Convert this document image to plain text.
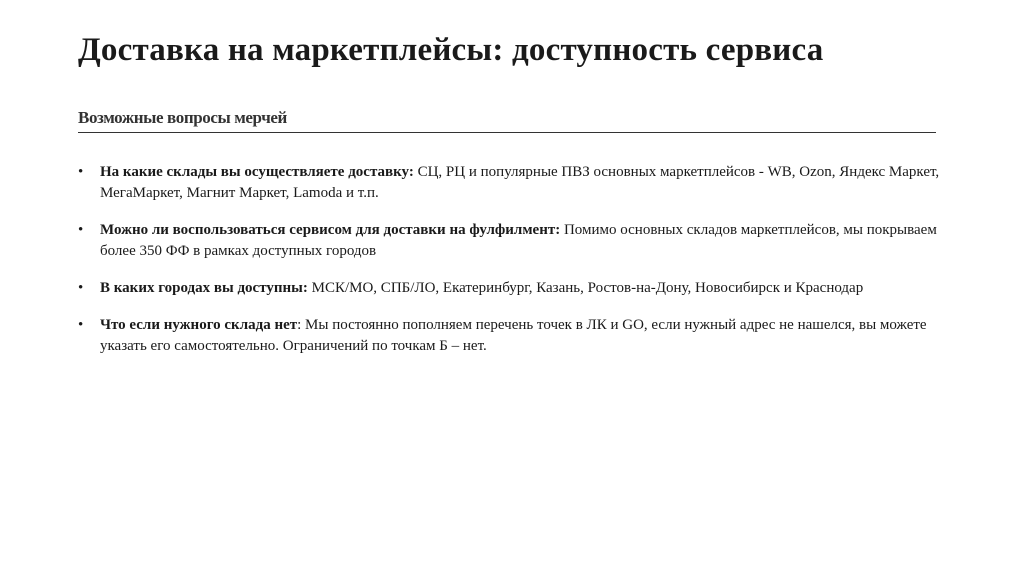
Доставка на маркетплейсы: доступность сервиса
Возможные вопросы мерчей
• На какие склады вы осуществляете доставку: СЦ, РЦ и популярные ПВЗ основных маркетплейсов - WB, Ozon, Яндекс Маркет, МегаМаркет, Магнит Маркет, Lamoda и т.п.
• Можно ли воспользоваться сервисом для доставки на фулфилмент: Помимо основных складов маркетплейсов, мы покрываем более 350 ФФ в рамках доступных городов
• В каких городах вы доступны: МСК/МО, СПБ/ЛО, Екатеринбург, Казань, Ростов-на-Дону, Новосибирск и Краснодар
• Что если нужного склада нет: Мы постоянно пополняем перечень точек в ЛК и GO, если нужный адрес не нашелся, вы можете указать его самостоятельно. Ограничений по точкам Б – нет.
